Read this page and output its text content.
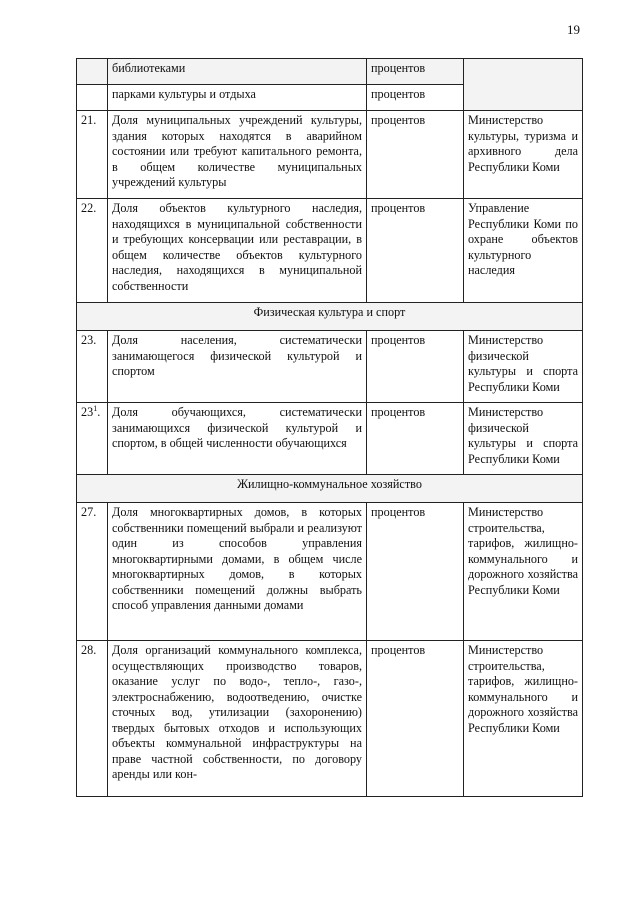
19
	библиотеками	процентов	
	парками культуры и отдыха	процентов	
21.	Доля муниципальных учреждений культуры, здания которых находятся в аварийном состоянии или требуют капитального ремонта, в общем количестве муниципальных учреждений культуры	процентов	Министерство культуры, туризма и архивного дела Республики Коми
22.	Доля объектов культурного наследия, находящихся в муниципальной собственности и требующих консервации или реставрации, в общем количестве объектов культурного наследия, находящихся в муниципальной собственности	процентов	Управление Республики Коми по охране объектов культурного наследия
Физическая культура и спорт			
23.	Доля населения, систематически занимающегося физической культурой и спортом	процентов	Министерство физической культуры и спорта Республики Коми
$23^1$.	Доля обучающихся, систематически занимающихся физической культурой и спортом, в общей численности обучающихся	процентов	Министерство физической культуры и спорта Республики Коми
Жилищно-коммунальное хозяйство			
27.	Доля многоквартирных домов, в которых собственники помещений выбрали и реализуют один из способов управления многоквартирными домами, в общем числе многоквартирных домов, в которых собственники помещений должны выбрать способ управления данными домами	процентов	Министерство строительства, тарифов, жилищно-коммунального и дорожного хозяйства Республики Коми
28.	Доля организаций коммунального комплекса, осуществляющих производство товаров, оказание услуг по водо-, тепло-, газо-, электроснабжению, водоотведению, очистке сточных вод, утилизации (захоронению) твердых бытовых отходов и использующих объекты коммунальной инфраструктуры на праве частной собственности, по договору аренды или кон-	процентов	Министерство строительства, тарифов, жилищно-коммунального и дорожного хозяйства Республики Коми
